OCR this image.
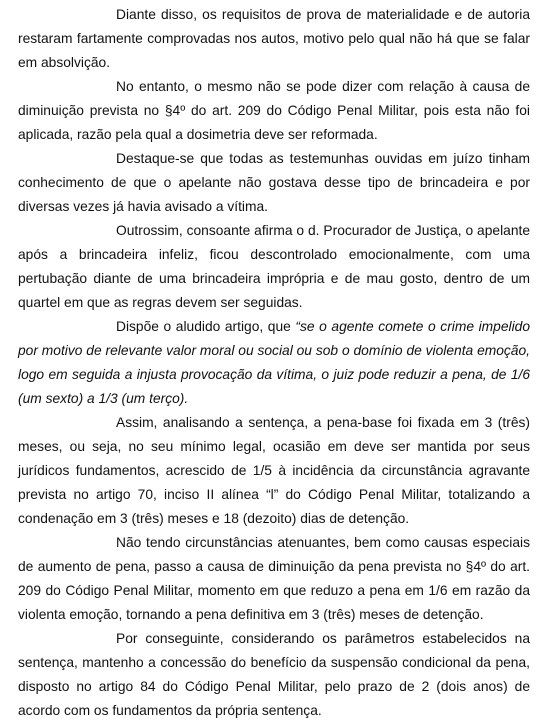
Diante disso, os requisitos de prova de materialidade e de autoria restaram fartamente comprovadas nos autos, motivo pelo qual não há que se falar em absolvição.

No entanto, o mesmo não se pode dizer com relação à causa de diminuição prevista no §4º do art. 209 do Código Penal Militar, pois esta não foi aplicada, razão pela qual a dosimetria deve ser reformada.

Destaque-se que todas as testemunhas ouvidas em juízo tinham conhecimento de que o apelante não gostava desse tipo de brincadeira e por diversas vezes já havia avisado a vítima.

Outrossim, consoante afirma o d. Procurador de Justiça, o apelante após a brincadeira infeliz, ficou descontrolado emocionalmente, com uma pertubação diante de uma brincadeira imprópria e de mau gosto, dentro de um quartel em que as regras devem ser seguidas.

Dispõe o aludido artigo, que “se o agente comete o crime impelido por motivo de relevante valor moral ou social ou sob o domínio de violenta emoção, logo em seguida a injusta provocação da vítima, o juiz pode reduzir a pena, de 1/6 (um sexto) a 1/3 (um terço).

Assim, analisando a sentença, a pena-base foi fixada em 3 (três) meses, ou seja, no seu mínimo legal, ocasião em deve ser mantida por seus jurídicos fundamentos, acrescido de 1/5 à incidência da circunstância agravante prevista no artigo 70, inciso II alínea “l” do Código Penal Militar, totalizando a condenação em 3 (três) meses e 18 (dezoito) dias de detenção.

Não tendo circunstâncias atenuantes, bem como causas especiais de aumento de pena, passo a causa de diminuição da pena prevista no §4º do art. 209 do Código Penal Militar, momento em que reduzo a pena em 1/6 em razão da violenta emoção, tornando a pena definitiva em 3 (três) meses de detenção.

Por conseguinte, considerando os parâmetros estabelecidos na sentença, mantenho a concessão do benefício da suspensão condicional da pena, disposto no artigo 84 do Código Penal Militar, pelo prazo de 2 (dois anos) de acordo com os fundamentos da própria sentença.
